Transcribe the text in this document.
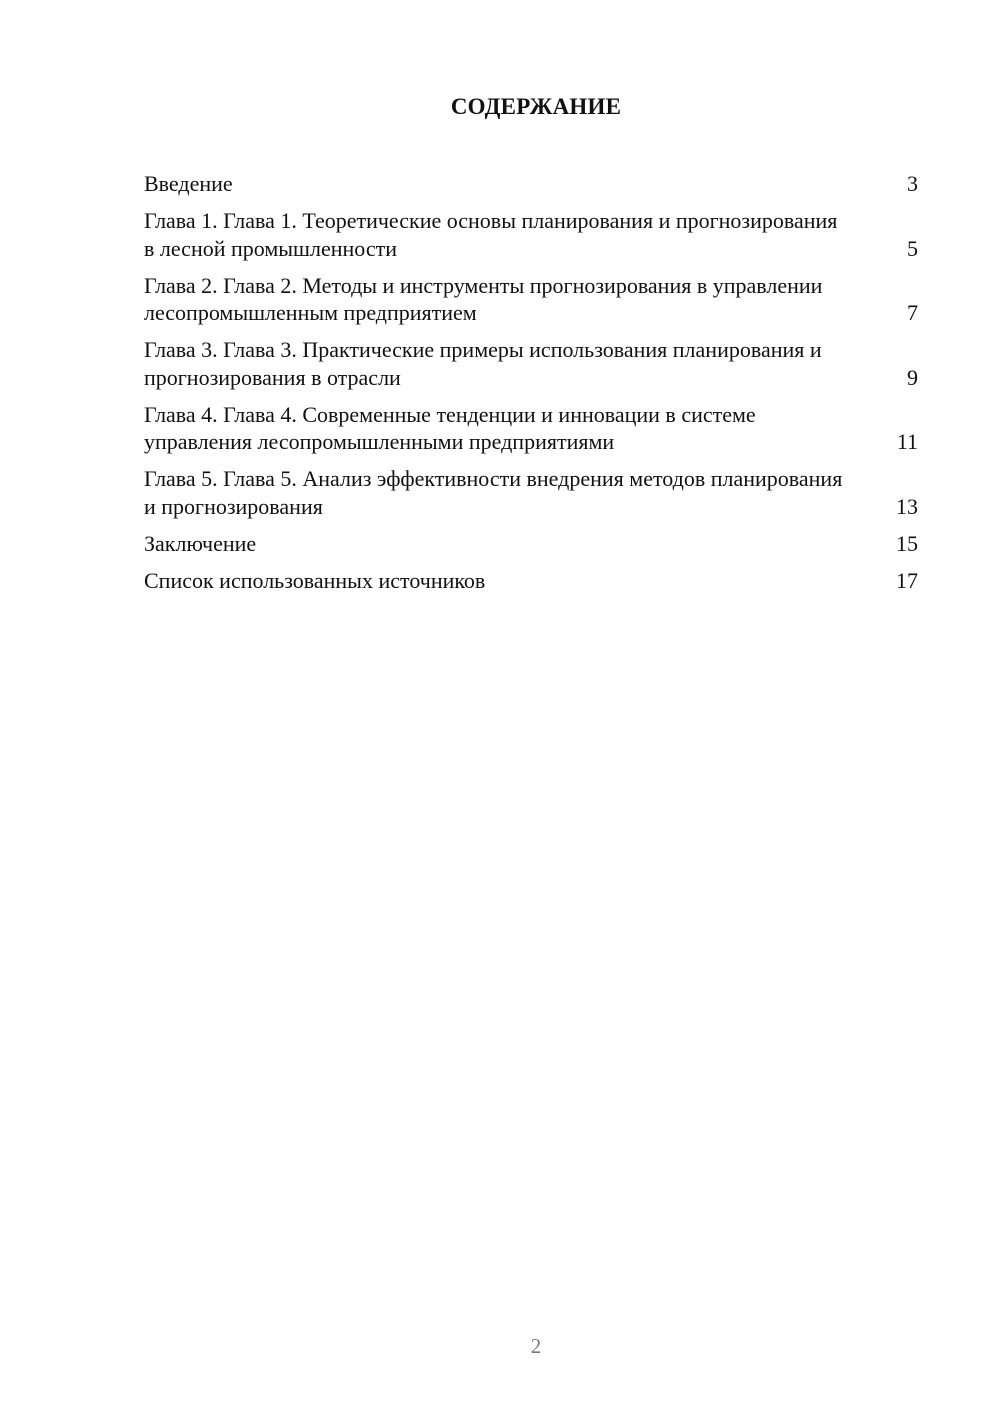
СОДЕРЖАНИЕ
Введение	3
Глава 1. Глава 1. Теоретические основы планирования и прогнозирования в лесной промышленности	5
Глава 2. Глава 2. Методы и инструменты прогнозирования в управлении лесопромышленным предприятием	7
Глава 3. Глава 3. Практические примеры использования планирования и прогнозирования в отрасли	9
Глава 4. Глава 4. Современные тенденции и инновации в системе управления лесопромышленными предприятиями	11
Глава 5. Глава 5. Анализ эффективности внедрения методов планирования и прогнозирования	13
Заключение	15
Список использованных источников	17
2
